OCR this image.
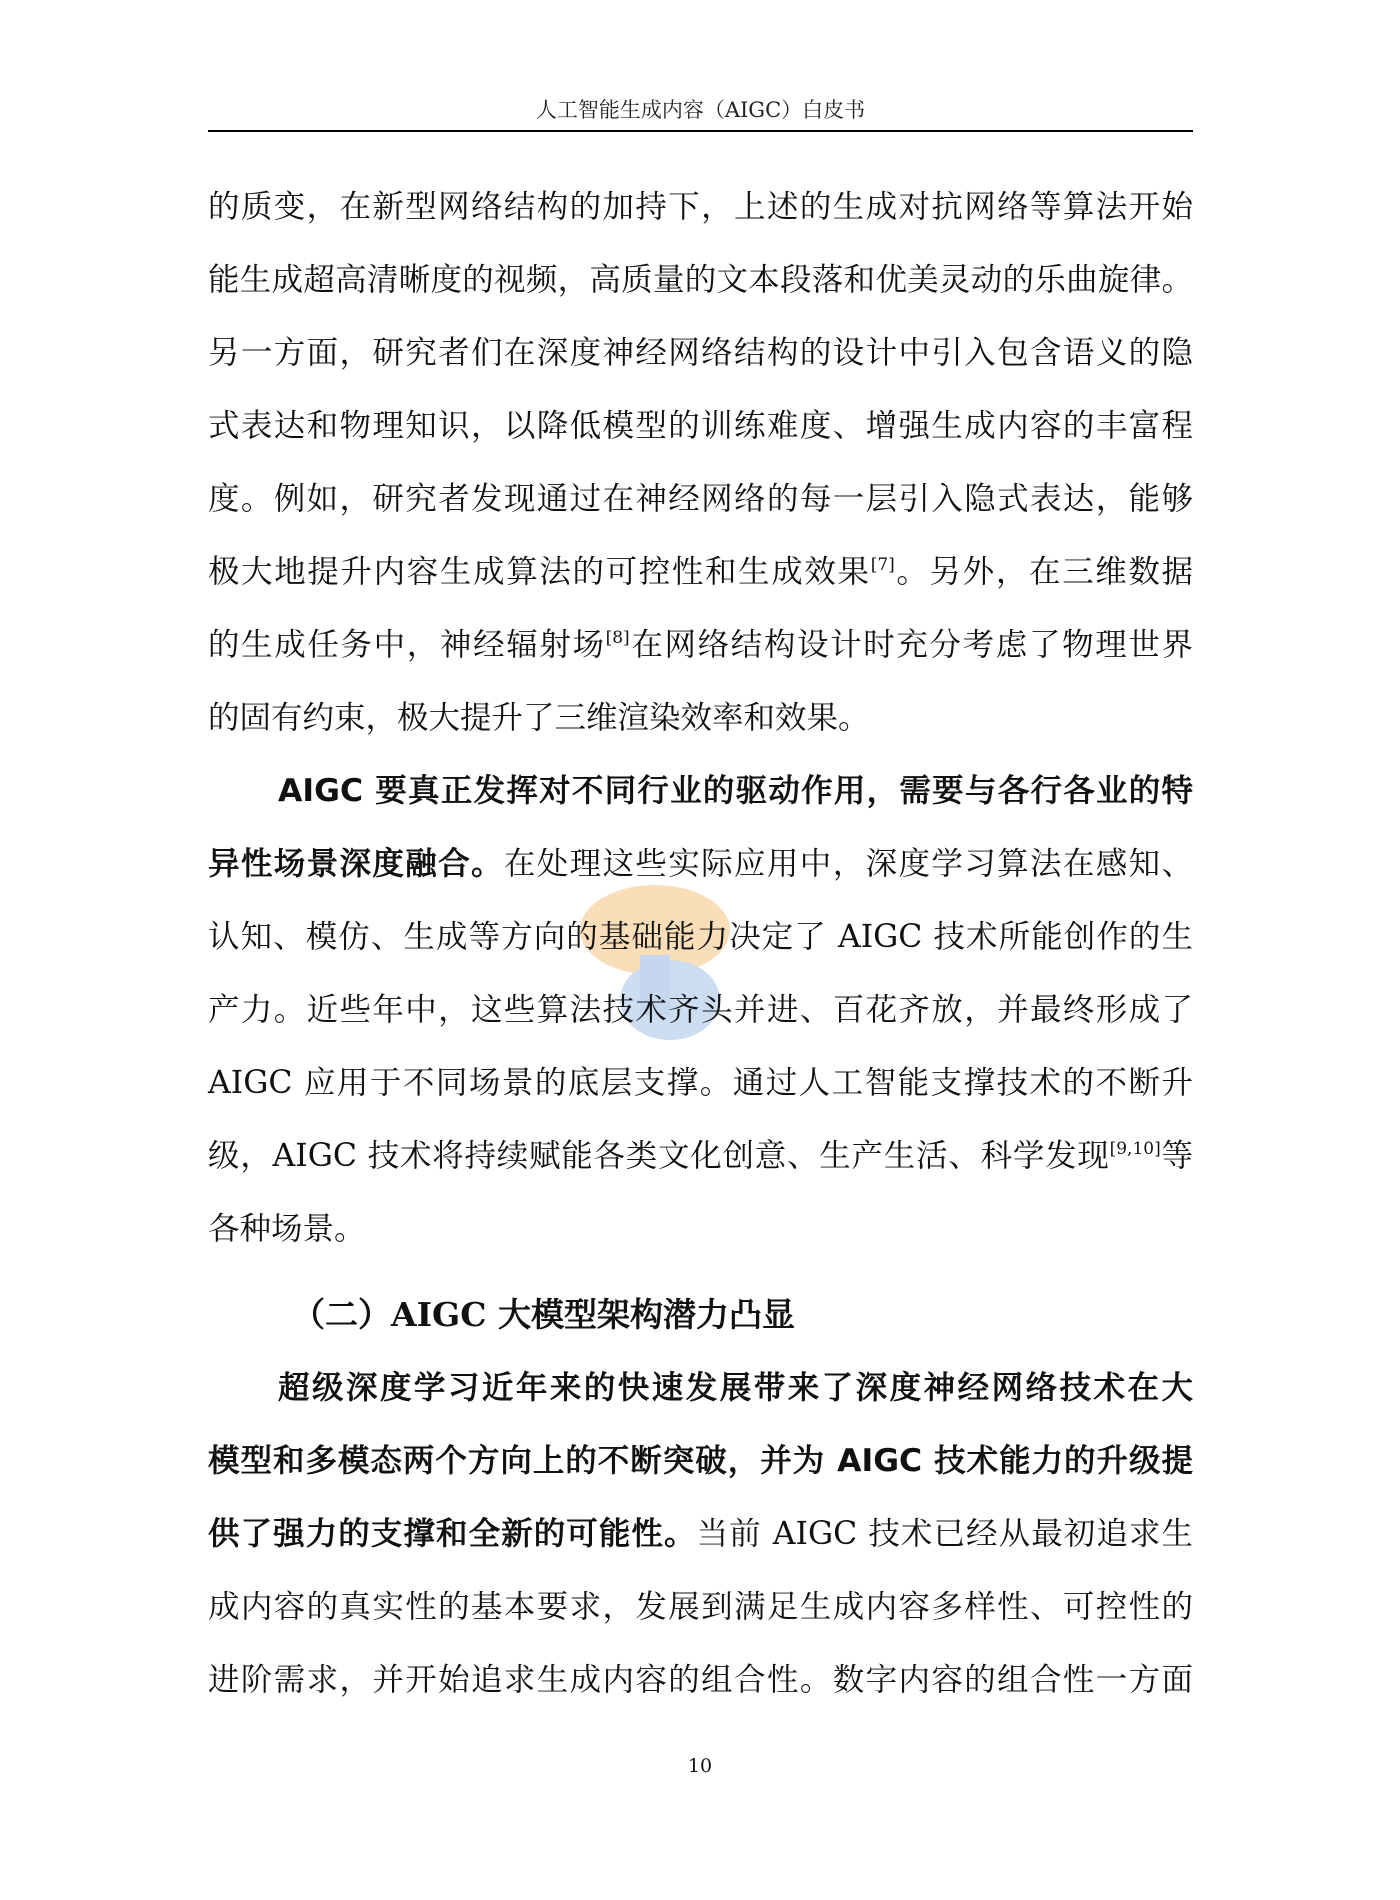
人工智能生成内容（AIGC）白皮书
的质变，在新型网络结构的加持下，上述的生成对抗网络等算法开始
能生成超高清晰度的视频，高质量的文本段落和优美灵动的乐曲旋律。
另一方面，研究者们在深度神经网络结构的设计中引入包含语义的隐
式表达和物理知识，以降低模型的训练难度、增强生成内容的丰富程
度。例如，研究者发现通过在神经网络的每一层引入隐式表达，能够
极大地提升内容生成算法的可控性和生成效果[7]。另外，在三维数据
的生成任务中，神经辐射场[8]在网络结构设计时充分考虑了物理世界
的固有约束，极大提升了三维渲染效率和效果。
AIGC 要真正发挥对不同行业的驱动作用，需要与各行各业的特
异性场景深度融合。在处理这些实际应用中，深度学习算法在感知、
认知、模仿、生成等方向的基础能力决定了 AIGC 技术所能创作的生
产力。近些年中，这些算法技术齐头并进、百花齐放，并最终形成了
AIGC 应用于不同场景的底层支撑。通过人工智能支撑技术的不断升
级，AIGC 技术将持续赋能各类文化创意、生产生活、科学发现[9,10]等
各种场景。
（二）AIGC 大模型架构潜力凸显
超级深度学习近年来的快速发展带来了深度神经网络技术在大
模型和多模态两个方向上的不断突破，并为 AIGC 技术能力的升级提
供了强力的支撑和全新的可能性。当前 AIGC 技术已经从最初追求生
成内容的真实性的基本要求，发展到满足生成内容多样性、可控性的
进阶需求，并开始追求生成内容的组合性。数字内容的组合性一方面
10
